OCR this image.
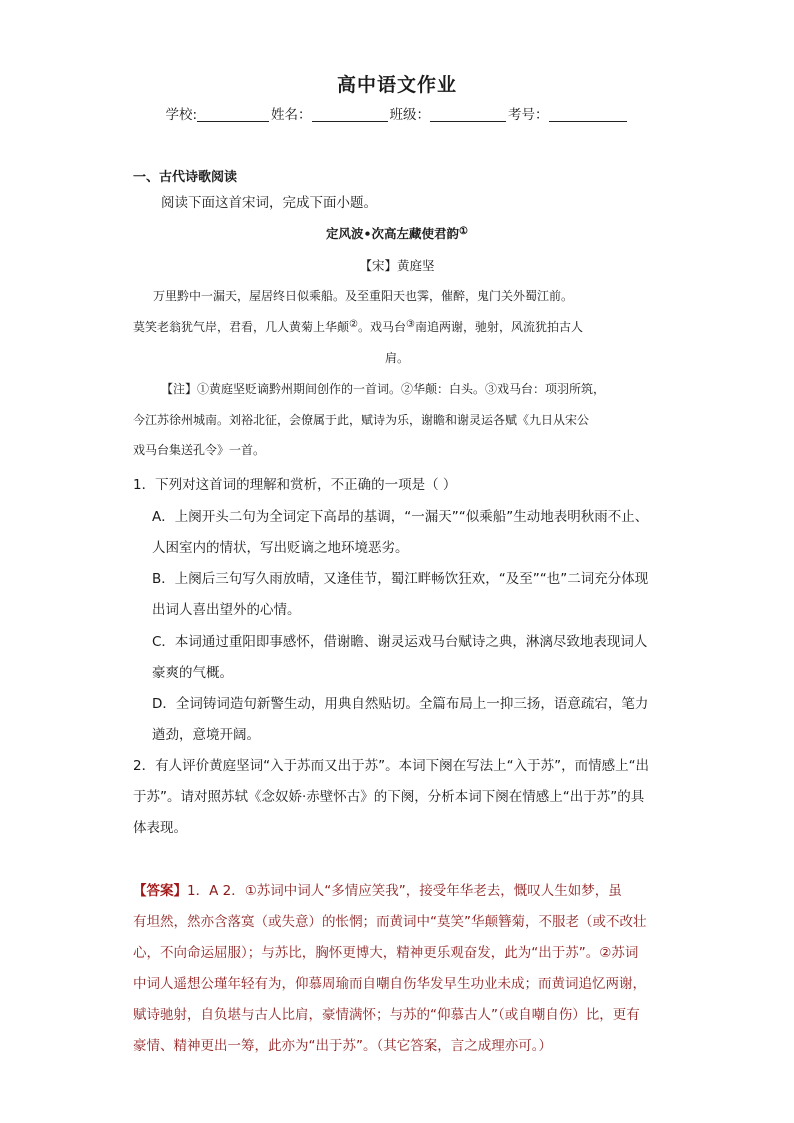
高中语文作业
学校:	姓名：	班级：	考号：
一、古代诗歌阅读
阅读下面这首宋词，完成下面小题。
定风波•次高左藏使君韵①
【宋】黄庭坚
万里黔中一漏天，屋居终日似乘船。及至重阳天也霁，催醉，鬼门关外蜀江前。
莫笑老翁犹气岸，君看，几人黄菊上华颠②。戏马台③南追两谢，驰射，风流犹拍古人
肩。
【注】①黄庭坚贬谪黔州期间创作的一首词。②华颠：白头。③戏马台：项羽所筑，
今江苏徐州城南。刘裕北征，会僚属于此，赋诗为乐，谢瞻和谢灵运各赋《九日从宋公
戏马台集送孔令》一首。
1．下列对这首词的理解和赏析，不正确的一项是（ ）
A．上阕开头二句为全词定下高昂的基调，“一漏天”“似乘船”生动地表明秋雨不止、
人困室内的情状，写出贬谪之地环境恶劣。
B．上阕后三句写久雨放晴，又逢佳节，蜀江畔畅饮狂欢，“及至”“也”二词充分体现
出词人喜出望外的心情。
C．本词通过重阳即事感怀，借谢瞻、谢灵运戏马台赋诗之典，淋漓尽致地表现词人
豪爽的气概。
D．全词铸词造句新警生动，用典自然贴切。全篇布局上一抑三扬，语意疏宕，笔力
遒劲，意境开阔。
2．有人评价黄庭坚词“入于苏而又出于苏”。本词下阕在写法上“入于苏”，而情感上“出
于苏”。请对照苏轼《念奴娇·赤壁怀古》的下阕，分析本词下阕在情感上“出于苏”的具
体表现。
【答案】1．A 2．①苏词中词人“多情应笑我”，接受年华老去，慨叹人生如梦，虽
有坦然，然亦含落寞（或失意）的怅惘；而黄词中“莫笑”华颠簪菊，不服老（或不改壮
心，不向命运屈服）；与苏比，胸怀更博大，精神更乐观奋发，此为“出于苏”。②苏词
中词人遥想公瑾年轻有为，仰慕周瑜而自嘲自伤华发早生功业未成；而黄词追忆两谢，
赋诗驰射，自负堪与古人比肩，豪情满怀；与苏的“仰慕古人”（或自嘲自伤）比，更有
豪情、精神更出一筹，此亦为“出于苏”。（其它答案，言之成理亦可。）
